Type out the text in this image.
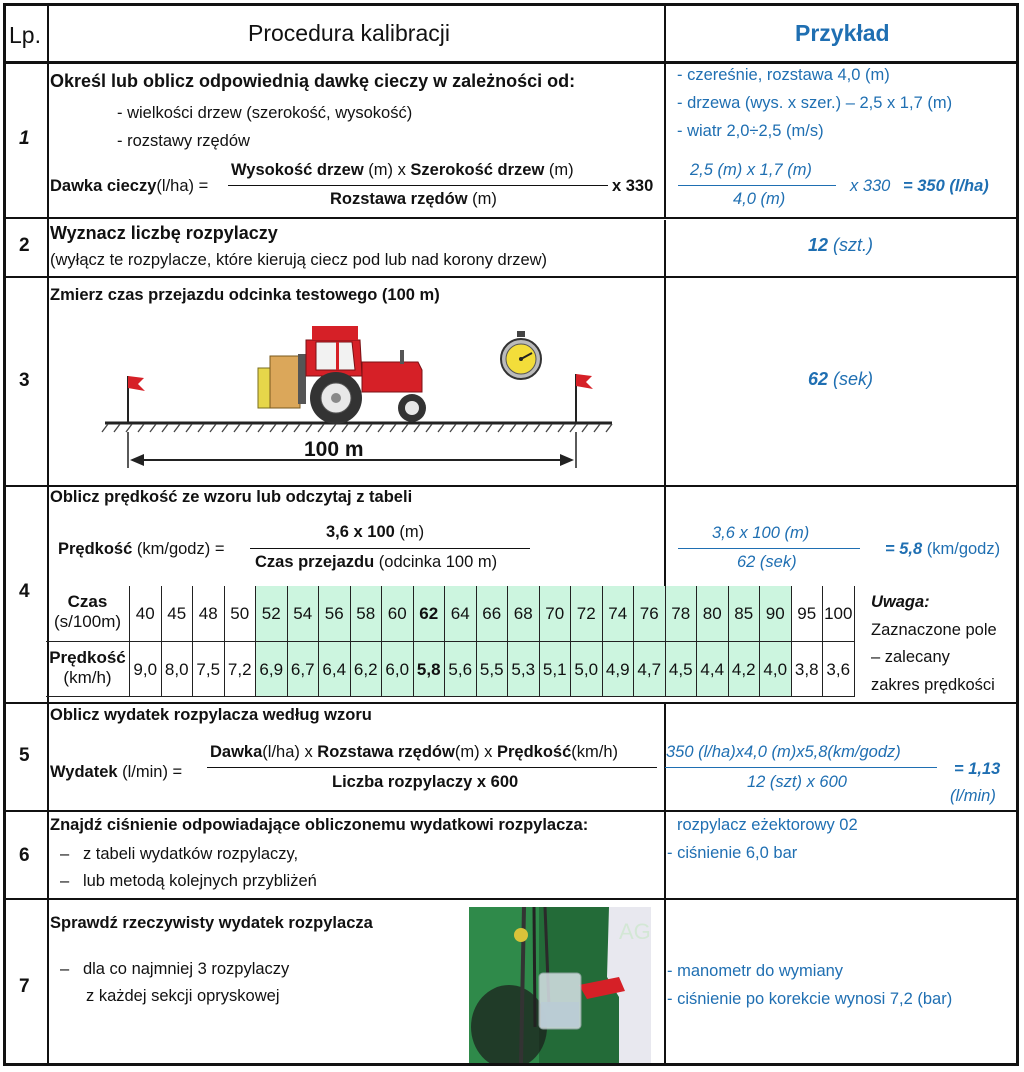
Lp.	Procedura kalibracji	Przykład
1
Określ lub oblicz odpowiednią dawkę cieczy w zależności od:
- wielkości drzew (szerokość, wysokość)
- rozstawy rzędów
Dawka cieczy(l/ha) =
Wysokość drzew (m) x Szerokość drzew (m)
Rozstawa rzędów (m)
x 330
- czereśnie, rozstawa 4,0 (m)
- drzewa (wys. x szer.) – 2,5 x 1,7 (m)
- wiatr 2,0÷2,5 (m/s)
2,5 (m) x 1,7 (m)
4,0 (m)
x 330 = 350 (l/ha)
2
Wyznacz liczbę rozpylaczy
(wyłącz te rozpylacze, które kierują ciecz pod lub nad korony drzew)
12 (szt.)
3
Zmierz czas przejazdu odcinka testowego (100 m)
100 m
62 (sek)
4
Oblicz prędkość ze wzoru lub odczytaj z tabeli
Prędkość (km/godz) =
3,6 x 100 (m)
Czas przejazdu (odcinka 100 m)
3,6 x 100 (m)
62 (sek)
= 5,8 (km/godz)
Czas
(s/100m)
Prędkość
(km/h)
40
9,0
45
8,0
48
7,5
50
7,2
52
6,9
54
6,7
56
6,4
58
6,2
60
6,0
62
5,8
64
5,6
66
5,5
68
5,3
70
5,1
72
5,0
74
4,9
76
4,7
78
4,5
80
4,4
85
4,2
90
4,0
95
3,8
100
3,6
Uwaga:
Zaznaczone pole
– zalecany
zakres prędkości
5
Oblicz wydatek rozpylacza według wzoru
Wydatek (l/min) =
Dawka(l/ha) x Rozstawa rzędów(m) x Prędkość(km/h)
Liczba rozpylaczy x 600
350 (l/ha)x4,0 (m)x5,8(km/godz)
12 (szt) x 600
= 1,13
(l/min)
6
Znajdź ciśnienie odpowiadające obliczonemu wydatkowi rozpylacza:
– z tabeli wydatków rozpylaczy,
– lub metodą kolejnych przybliżeń
rozpylacz eżektorowy 02
- ciśnienie 6,0 bar
7
Sprawdź rzeczywisty wydatek rozpylacza
– dla co najmniej 3 rozpylaczy
z każdej sekcji opryskowej
AG
- manometr do wymiany
- ciśnienie po korekcie wynosi 7,2 (bar)
